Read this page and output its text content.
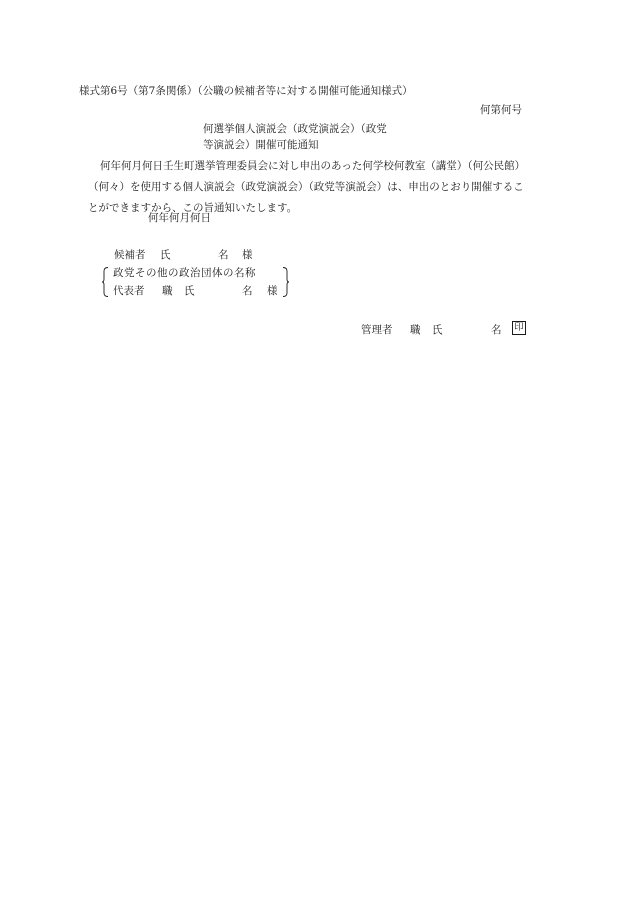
様式第6号（第7条関係）（公職の候補者等に対する開催可能通知様式）
何第何号
何選挙個人演説会（政党演説会）（政党
等演説会）開催可能通知
何年何月何日壬生町選挙管理委員会に対し申出のあった何学校何教室（講堂）（何公民館）（何々）を使用する個人演説会（政党演説会）（政党等演説会）は、申出のとおり開催することができますから、この旨通知いたします。
何年何月何日
候補者 氏	名 様
政党その他の政治団体の名称
代表者 職 氏	名 様
管理者 職 氏	名 印
